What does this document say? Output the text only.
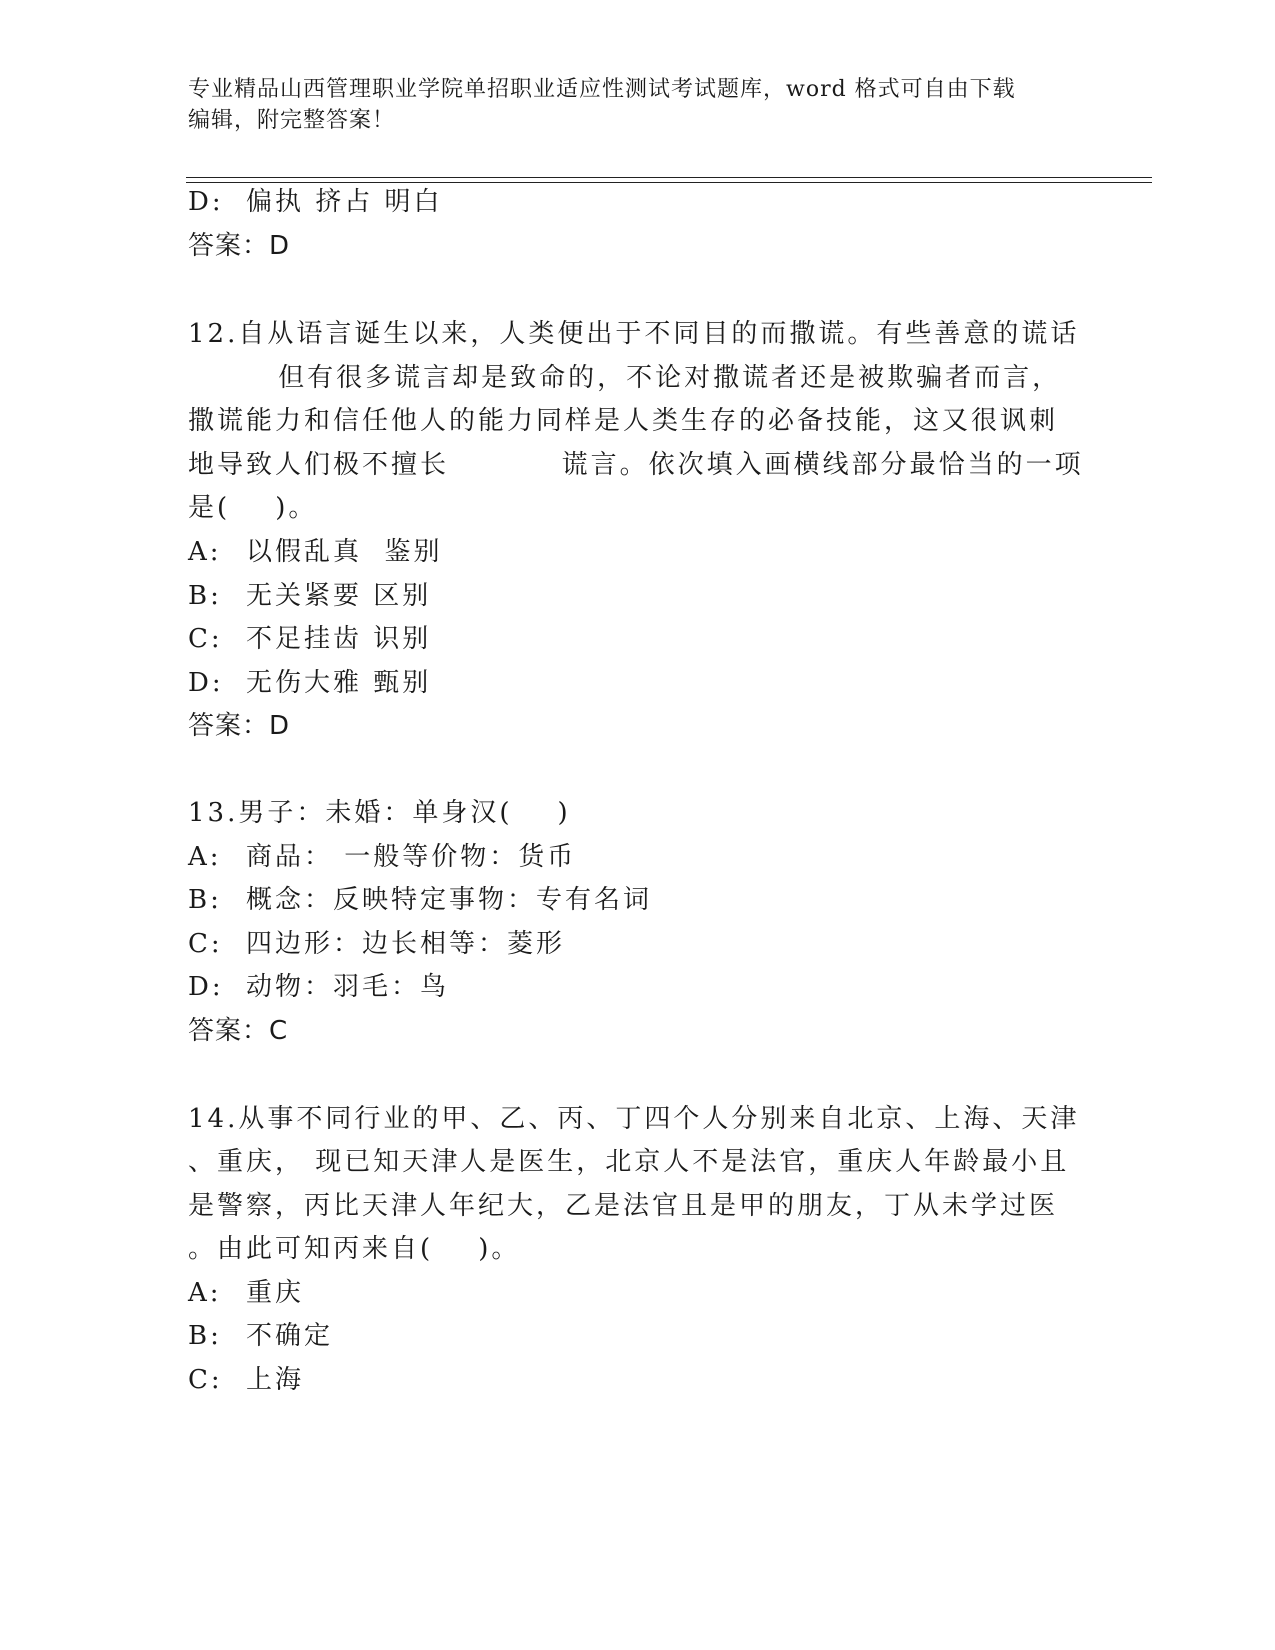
专业精品山西管理职业学院单招职业适应性测试考试题库，word 格式可自由下载
编辑，附完整答案！
D: 偏执 挤占 明白
答案：D
12.自从语言诞生以来，人类便出于不同目的而撒谎。有些善意的谎话
但有很多谎言却是致命的，不论对撒谎者还是被欺骗者而言，
撒谎能力和信任他人的能力同样是人类生存的必备技能，这又很讽刺
地导致人们极不擅长          谎言。依次填入画横线部分最恰当的一项
是(    )。
A: 以假乱真  鉴别
B: 无关紧要 区别
C: 不足挂齿 识别
D: 无伤大雅 甄别
答案：D
13.男子：未婚：单身汉(    )
A: 商品： 一般等价物：货币
B: 概念：反映特定事物：专有名词
C: 四边形：边长相等：菱形
D: 动物：羽毛：鸟
答案：C
14.从事不同行业的甲、乙、丙、丁四个人分别来自北京、上海、天津
、重庆， 现已知天津人是医生，北京人不是法官，重庆人年龄最小且
是警察，丙比天津人年纪大，乙是法官且是甲的朋友，丁从未学过医
。由此可知丙来自(    )。
A: 重庆
B: 不确定
C: 上海
